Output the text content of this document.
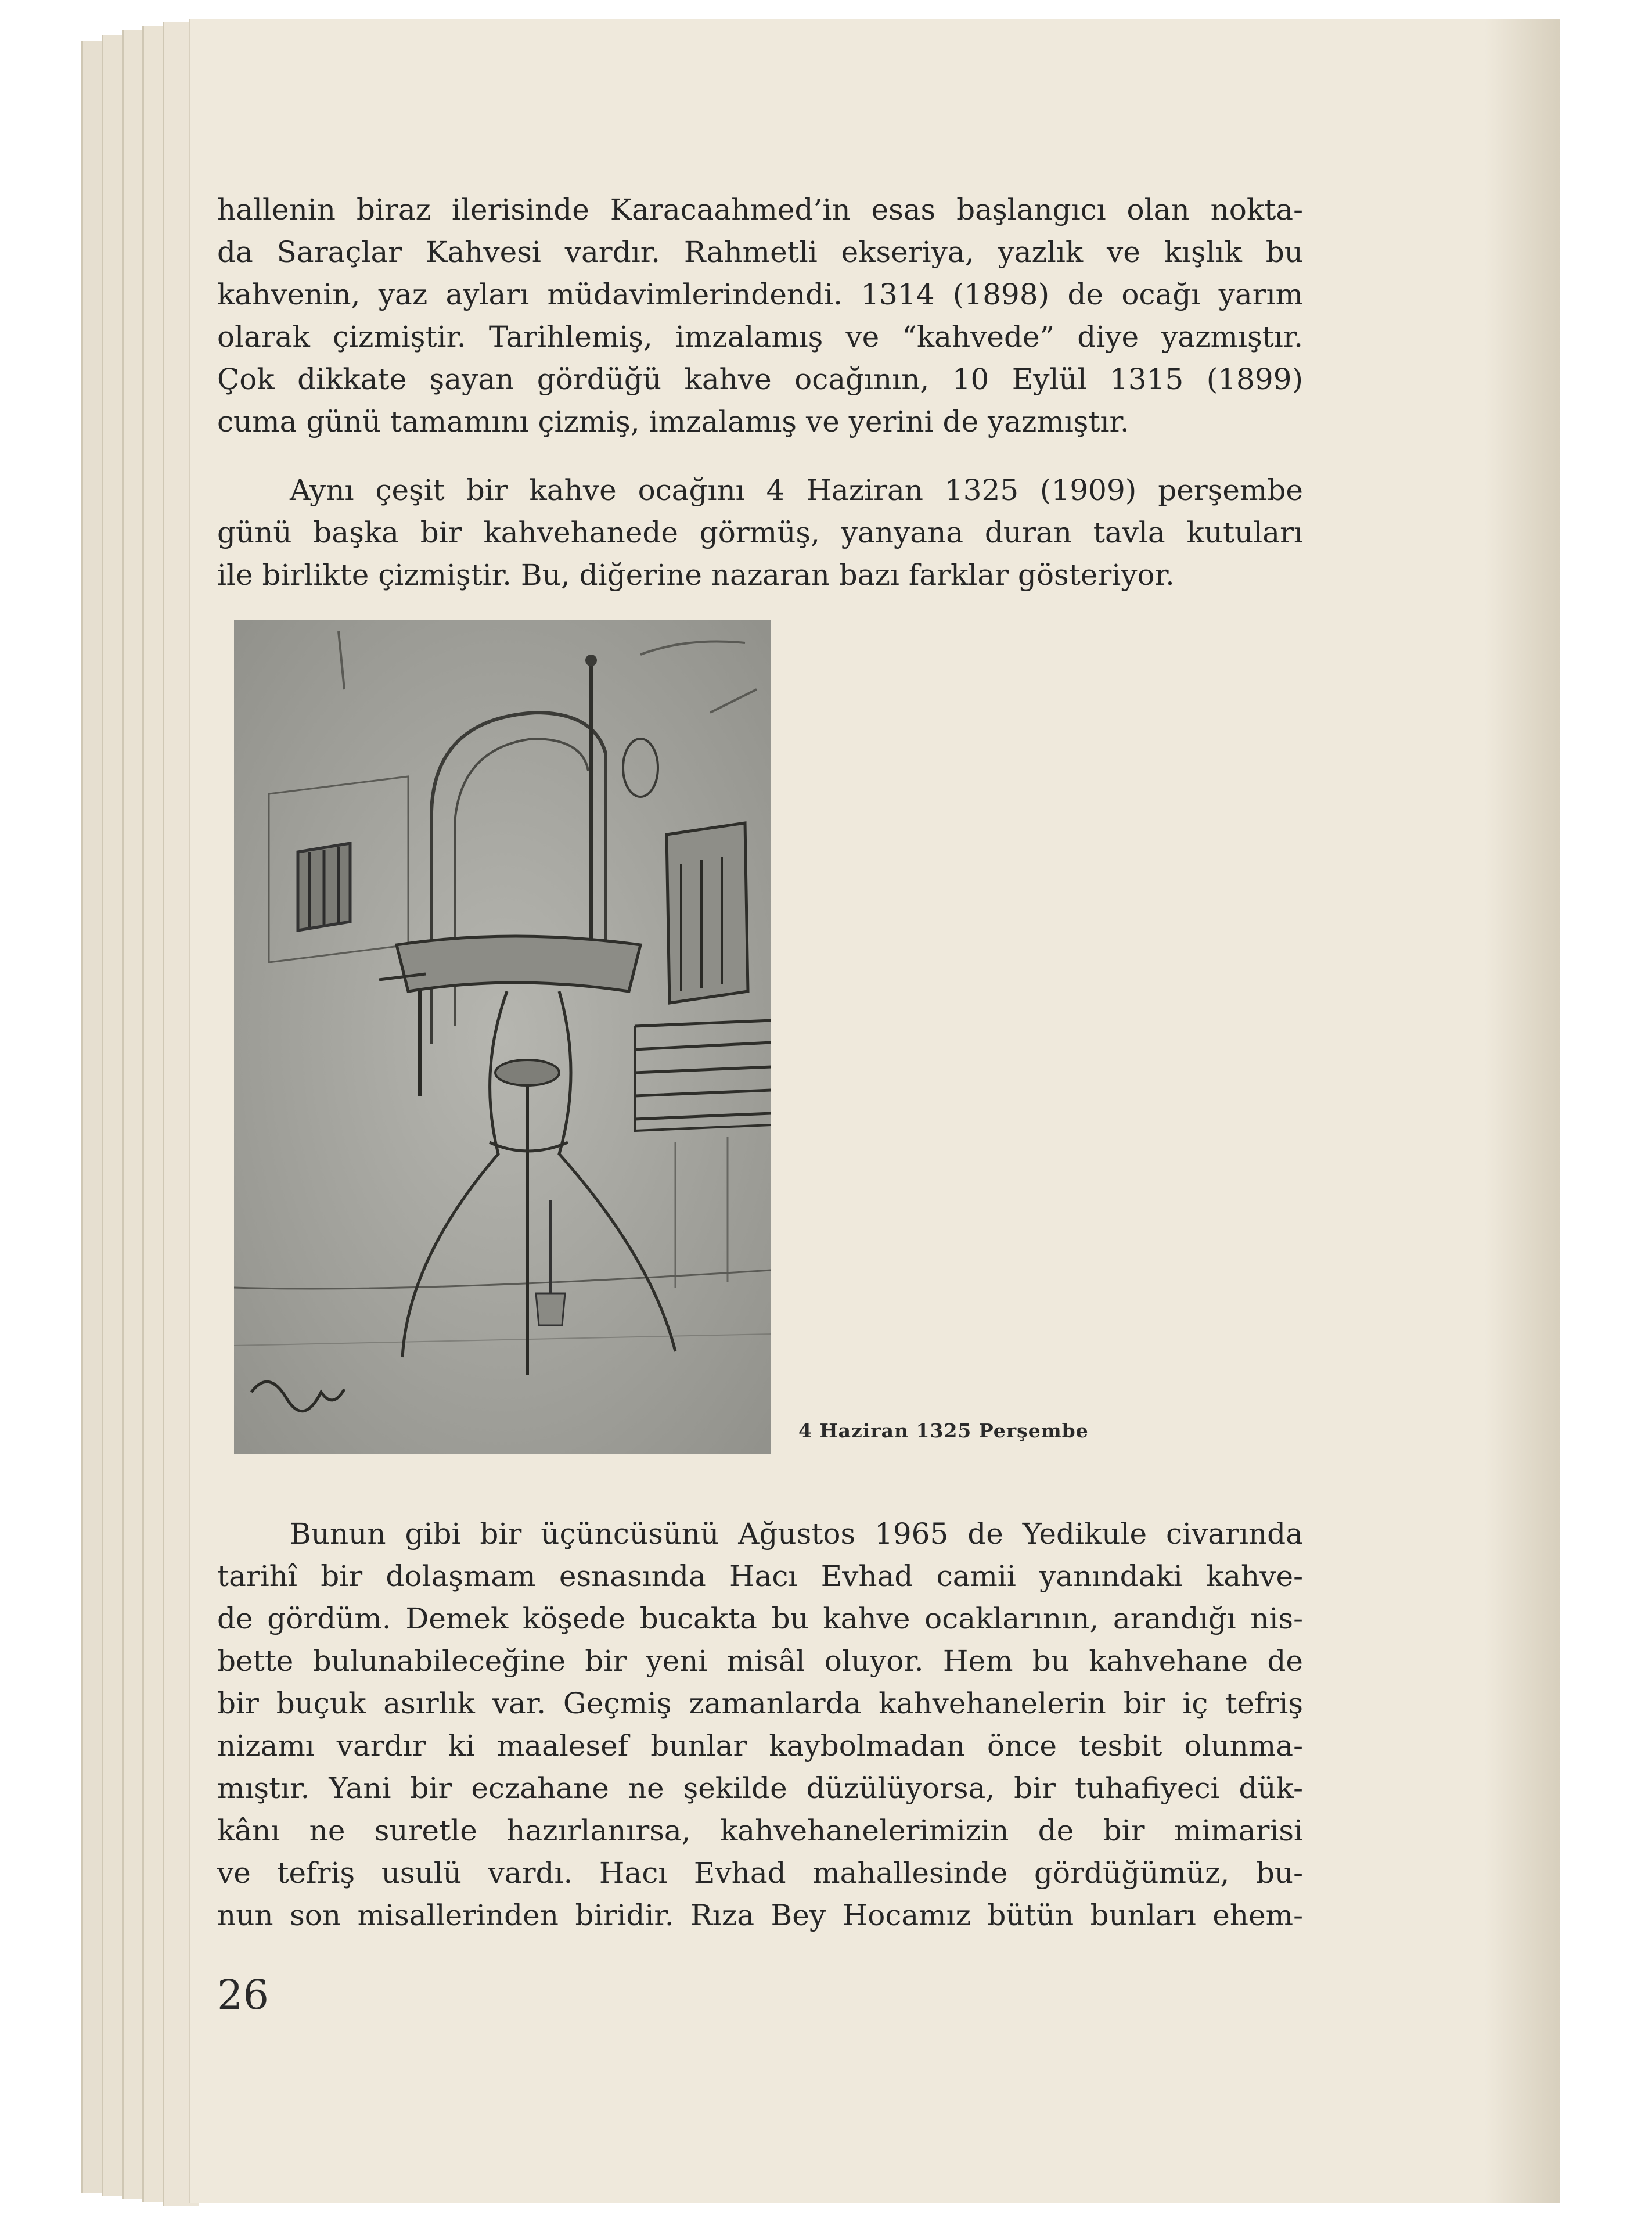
hallenin biraz ilerisinde Karacaahmed’in esas başlangıcı olan nokta-
da Saraçlar Kahvesi vardır. Rahmetli ekseriya, yazlık ve kışlık bu
kahvenin, yaz ayları müdavimlerindendi. 1314 (1898) de ocağı yarım
olarak çizmiştir. Tarihlemiş, imzalamış ve “kahvede” diye yazmıştır.
Çok dikkate şayan gördüğü kahve ocağının, 10 Eylül 1315 (1899)
cuma günü tamamını çizmiş, imzalamış ve yerini de yazmıştır.
Aynı çeşit bir kahve ocağını 4 Haziran 1325 (1909) perşembe
günü başka bir kahvehanede görmüş, yanyana duran tavla kutuları
ile birlikte çizmiştir. Bu, diğerine nazaran bazı farklar gösteriyor.
4 Haziran 1325 Perşembe
Bunun gibi bir üçüncüsünü Ağustos 1965 de Yedikule civarında
tarihî bir dolaşmam esnasında Hacı Evhad camii yanındaki kahve-
de gördüm. Demek köşede bucakta bu kahve ocaklarının, arandığı nis-
bette bulunabileceğine bir yeni misâl oluyor. Hem bu kahvehane de
bir buçuk asırlık var. Geçmiş zamanlarda kahvehanelerin bir iç tefriş
nizamı vardır ki maalesef bunlar kaybolmadan önce tesbit olunma-
mıştır. Yani bir eczahane ne şekilde düzülüyorsa, bir tuhafiyeci dük-
kânı ne suretle hazırlanırsa, kahvehanelerimizin de bir mimarisi
ve tefriş usulü vardı. Hacı Evhad mahallesinde gördüğümüz, bu-
nun son misallerinden biridir. Rıza Bey Hocamız bütün bunları ehem-
26
